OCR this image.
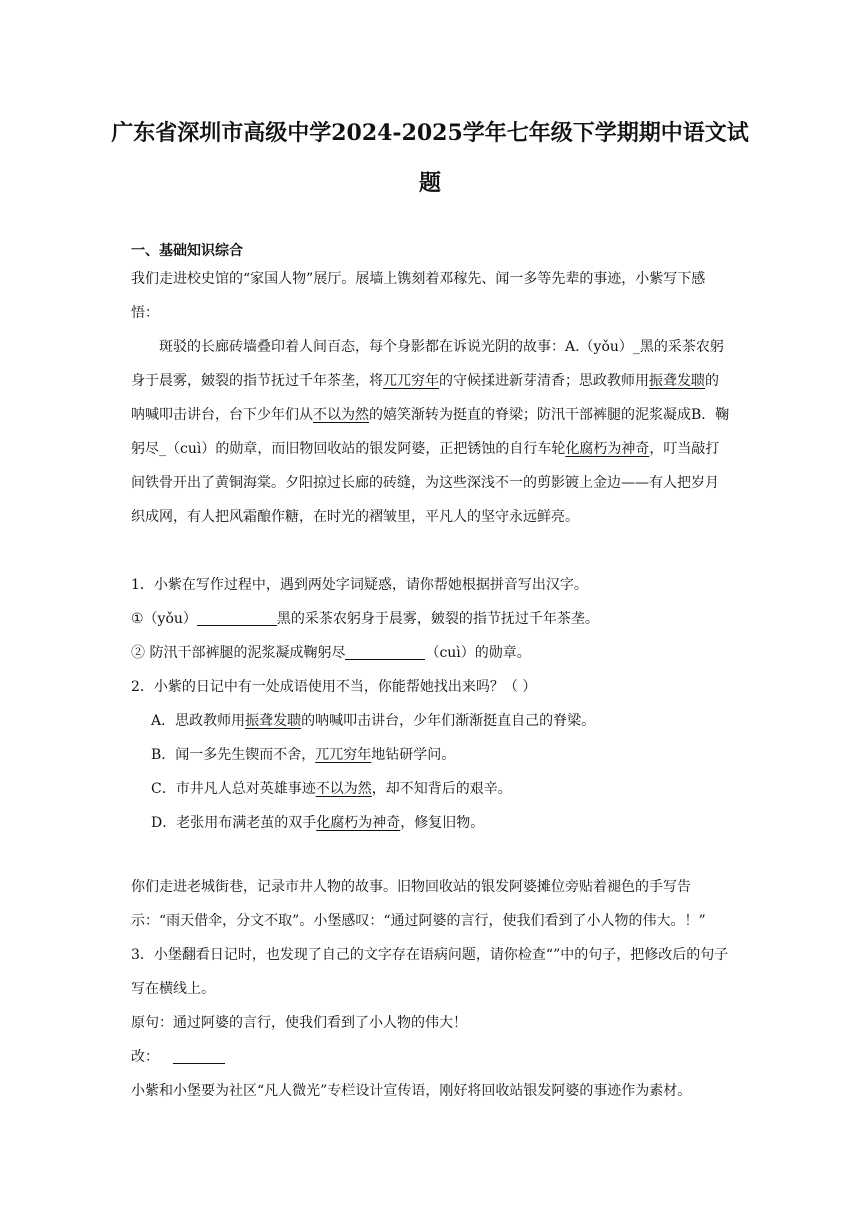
广东省深圳市高级中学2024-2025学年七年级下学期期中语文试题
一、基础知识综合
我们走进校史馆的“家国人物”展厅。展墙上镌刻着邓稼先、闻一多等先辈的事迹，小紫写下感悟：
斑驳的长廊砖墙叠印着人间百态，每个身影都在诉说光阴的故事：A.（yǒu）_黑的采茶农躬身于晨雾，皴裂的指节抚过千年茶垄，将兀兀穷年的守候揉进新芽清香；思政教师用振聋发聩的呐喊叩击讲台，台下少年们从不以为然的嬉笑渐转为挺直的脊梁；防汛干部裤腿的泥浆凝成B．鞠躬尽_（cuì）的勋章，而旧物回收站的银发阿婆，正把锈蚀的自行车轮化腐朽为神奇，叮当敲打间铁骨开出了黄铜海棠。夕阳掠过长廊的砖缝，为这些深浅不一的剪影镀上金边——有人把岁月织成网，有人把风霜酿作糖，在时光的褶皱里，平凡人的坚守永远鲜亮。
1．小紫在写作过程中，遇到两处字词疑惑，请你帮她根据拼音写出汉字。
①（yǒu）	黑的采茶农躬身于晨雾，皴裂的指节抚过千年茶垄。
② 防汛干部裤腿的泥浆凝成鞠躬尽	（cuì）的勋章。
2．小紫的日记中有一处成语使用不当，你能帮她找出来吗？（ ）
A．思政教师用振聋发聩的呐喊叩击讲台，少年们渐渐挺直自己的脊梁。
B．闻一多先生锲而不舍，兀兀穷年地钻研学问。
C．市井凡人总对英雄事迹不以为然，却不知背后的艰辛。
D．老张用布满老茧的双手化腐朽为神奇，修复旧物。
你们走进老城街巷，记录市井人物的故事。旧物回收站的银发阿婆摊位旁贴着褪色的手写告示：“雨天借伞，分文不取”。小堡感叹：“通过阿婆的言行，使我们看到了小人物的伟大。！”
3．小堡翻看日记时，也发现了自己的文字存在语病问题，请你检查“”中的句子，把修改后的句子写在横线上。
原句：通过阿婆的言行，使我们看到了小人物的伟大！
改：
小紫和小堡要为社区“凡人微光”专栏设计宣传语，刚好将回收站银发阿婆的事迹作为素材。
